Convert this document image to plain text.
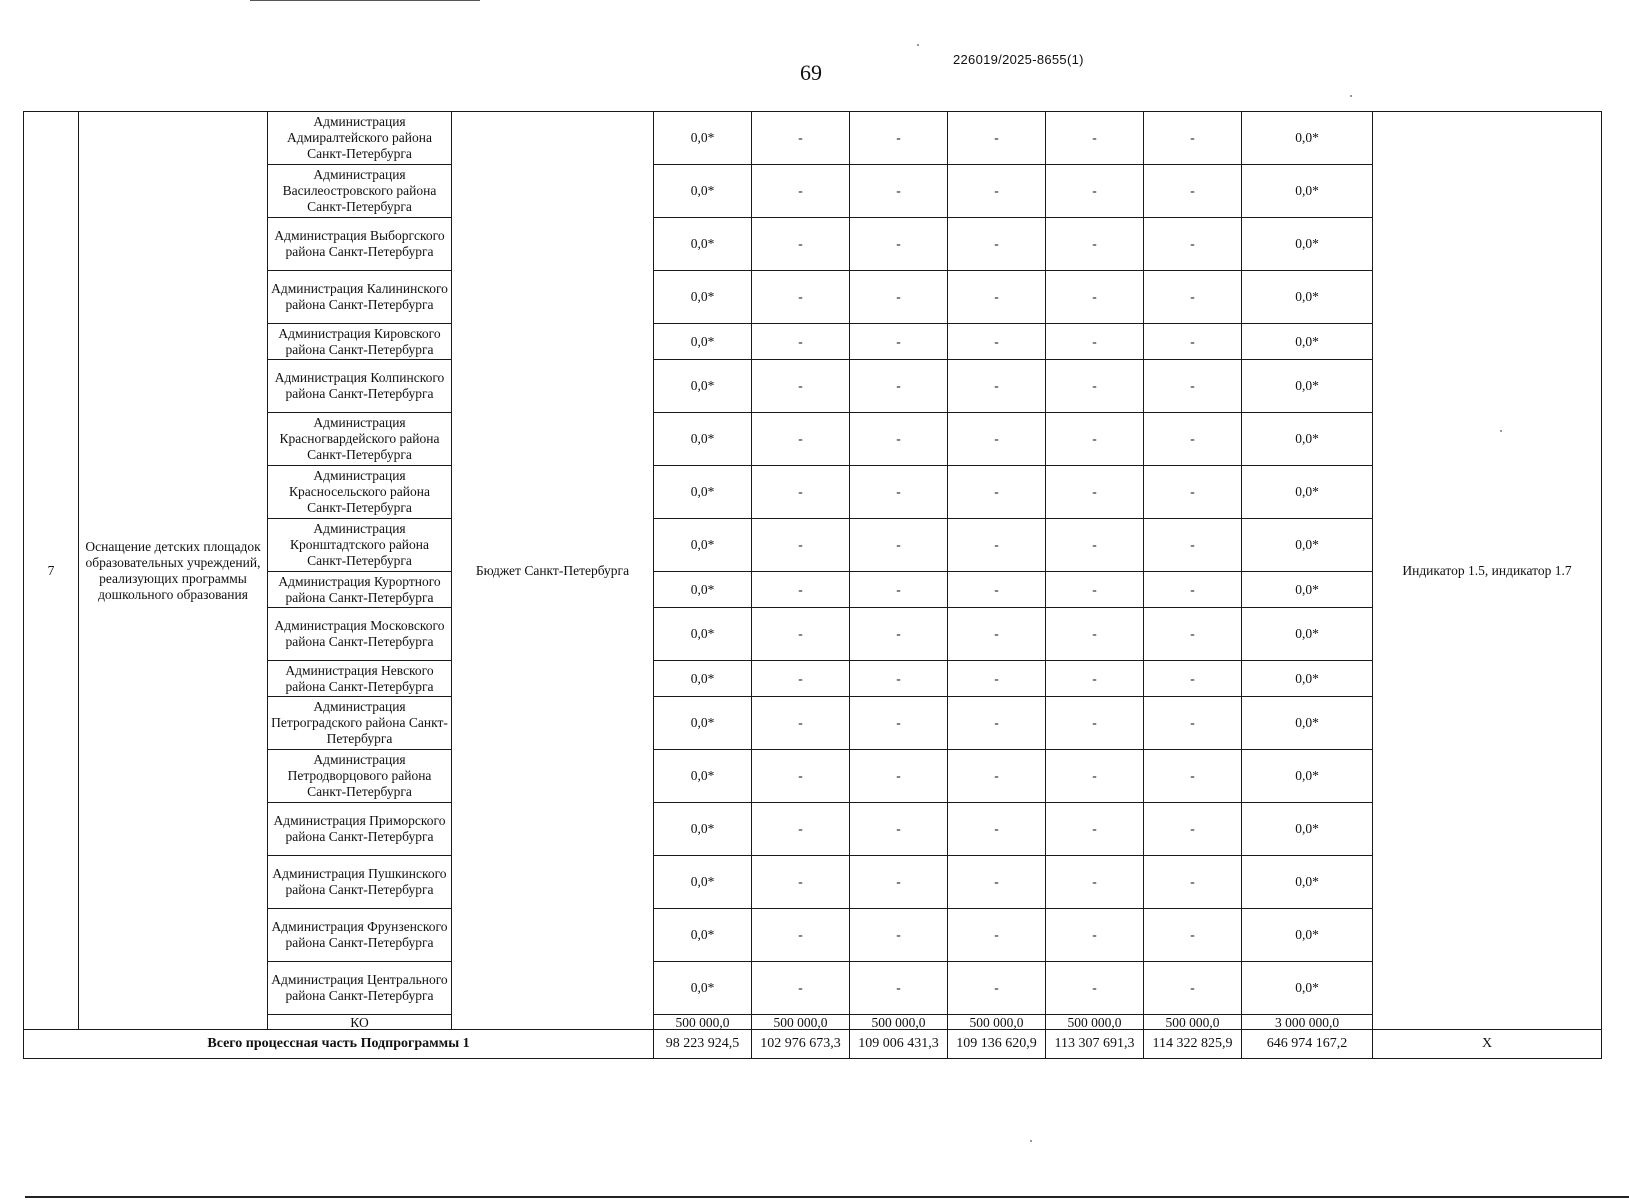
69
226019/2025-8655(1)
7	Оснащение детских площадок образовательных учреждений, реализующих программы дошкольного образования	Администрация Адмиралтейского района Санкт-Петербурга	Бюджет Санкт-Петербурга	0,0*	-	-	-	-	-	0,0*	Индикатор 1.5, индикатор 1.7
		Администрация Василеостровского района Санкт-Петербурга		0,0*	-	-	-	-	-	0,0*	
		Администрация Выборгского района Санкт-Петербурга		0,0*	-	-	-	-	-	0,0*	
		Администрация Калининского района Санкт-Петербурга		0,0*	-	-	-	-	-	0,0*	
		Администрация Кировского района Санкт-Петербурга		0,0*	-	-	-	-	-	0,0*	
		Администрация Колпинского района Санкт-Петербурга		0,0*	-	-	-	-	-	0,0*	
		Администрация Красногвардейского района Санкт-Петербурга		0,0*	-	-	-	-	-	0,0*	
		Администрация Красносельского района Санкт-Петербурга		0,0*	-	-	-	-	-	0,0*	
		Администрация Кронштадтского района Санкт-Петербурга		0,0*	-	-	-	-	-	0,0*	
		Администрация Курортного района Санкт-Петербурга		0,0*	-	-	-	-	-	0,0*	
		Администрация Московского района Санкт-Петербурга		0,0*	-	-	-	-	-	0,0*	
		Администрация Невского района Санкт-Петербурга		0,0*	-	-	-	-	-	0,0*	
		Администрация Петроградского района Санкт-Петербурга		0,0*	-	-	-	-	-	0,0*	
		Администрация Петродворцового района Санкт-Петербурга		0,0*	-	-	-	-	-	0,0*	
		Администрация Приморского района Санкт-Петербурга		0,0*	-	-	-	-	-	0,0*	
		Администрация Пушкинского района Санкт-Петербурга		0,0*	-	-	-	-	-	0,0*	
		Администрация Фрунзенского района Санкт-Петербурга		0,0*	-	-	-	-	-	0,0*	
		Администрация Центрального района Санкт-Петербурга		0,0*	-	-	-	-	-	0,0*	
		КО		500 000,0	500 000,0	500 000,0	500 000,0	500 000,0	500 000,0	3 000 000,0	
Всего процессная часть Подпрограммы 1				98 223 924,5	102 976 673,3	109 006 431,3	109 136 620,9	113 307 691,3	114 322 825,9	646 974 167,2	Х
